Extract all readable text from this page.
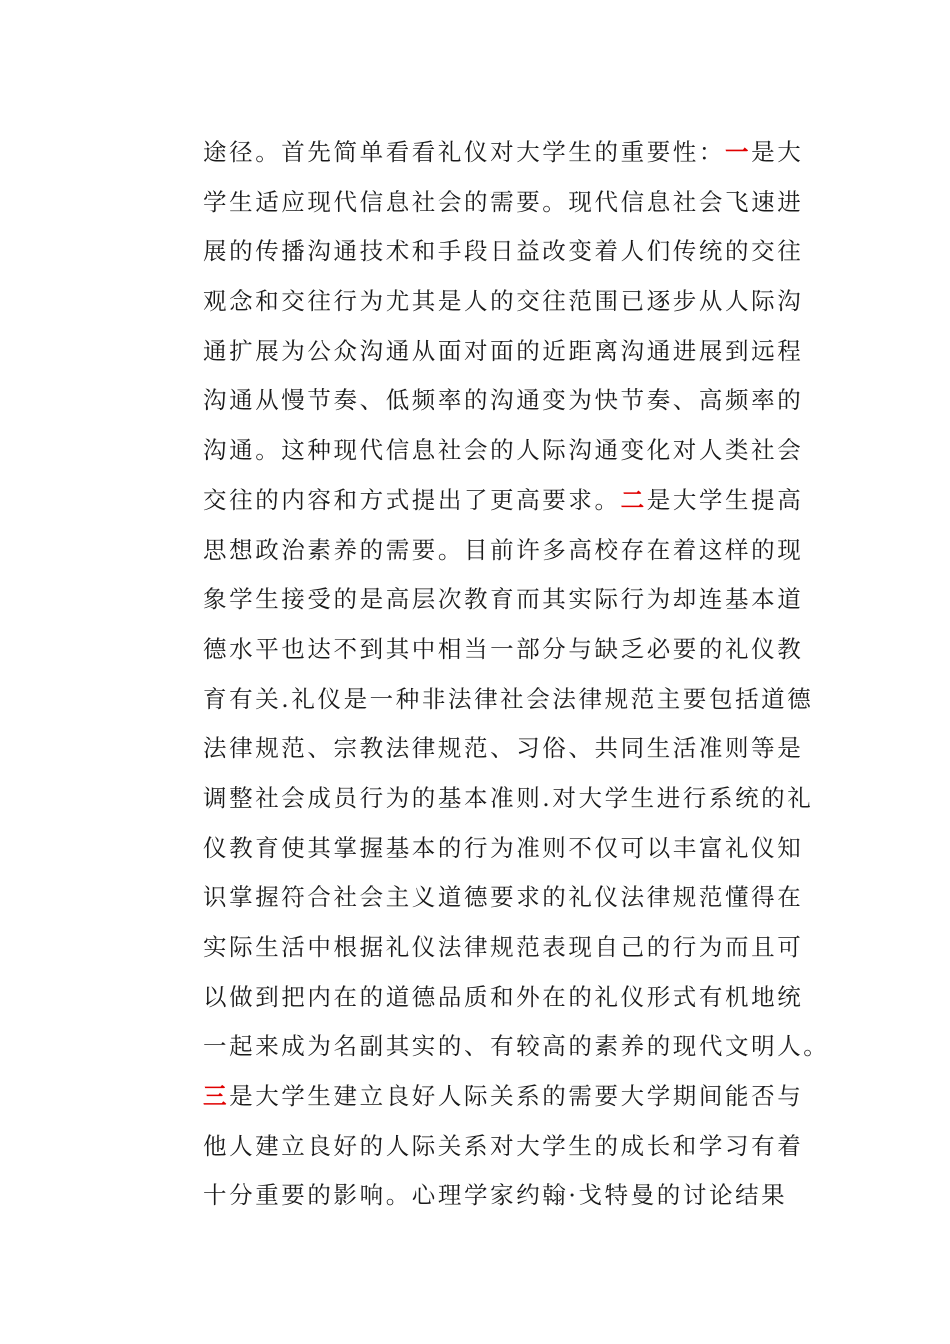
途径。首先简单看看礼仪对大学生的重要性：一是大
学生适应现代信息社会的需要。现代信息社会飞速进
展的传播沟通技术和手段日益改变着人们传统的交往
观念和交往行为尤其是人的交往范围已逐步从人际沟
通扩展为公众沟通从面对面的近距离沟通进展到远程
沟通从慢节奏、低频率的沟通变为快节奏、高频率的
沟通。这种现代信息社会的人际沟通变化对人类社会
交往的内容和方式提出了更高要求。二是大学生提高
思想政治素养的需要。目前许多高校存在着这样的现
象学生接受的是高层次教育而其实际行为却连基本道
德水平也达不到其中相当一部分与缺乏必要的礼仪教
育有关.礼仪是一种非法律社会法律规范主要包括道德
法律规范、宗教法律规范、习俗、共同生活准则等是
调整社会成员行为的基本准则.对大学生进行系统的礼
仪教育使其掌握基本的行为准则不仅可以丰富礼仪知
识掌握符合社会主义道德要求的礼仪法律规范懂得在
实际生活中根据礼仪法律规范表现自己的行为而且可
以做到把内在的道德品质和外在的礼仪形式有机地统
一起来成为名副其实的、有较高的素养的现代文明人。
三是大学生建立良好人际关系的需要大学期间能否与
他人建立良好的人际关系对大学生的成长和学习有着
十分重要的影响。心理学家约翰·戈特曼的讨论结果
